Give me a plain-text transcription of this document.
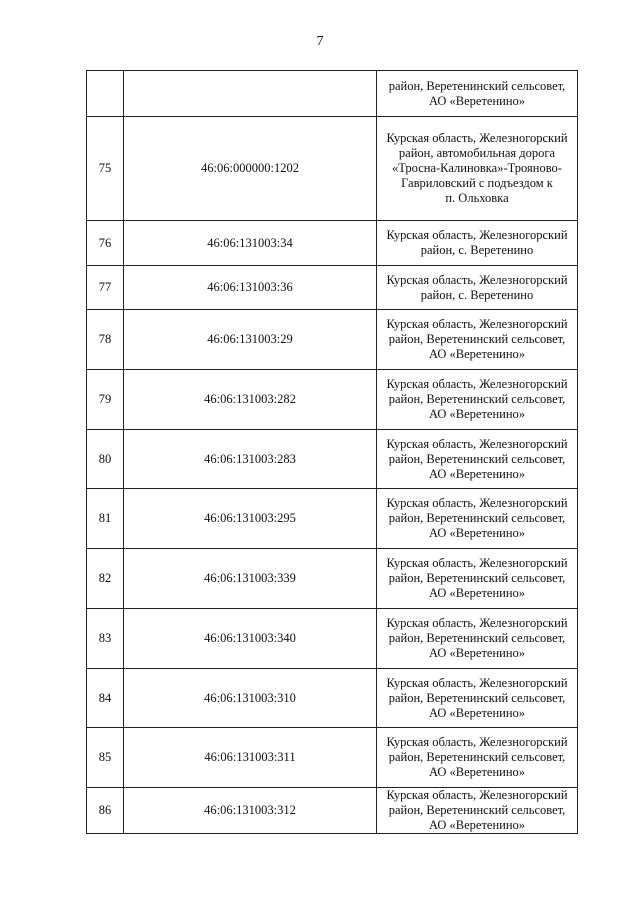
7

		район, Веретенинский сельсовет,
АО «Веретенино»

75	46:06:000000:1202	Курская область, Железногорский
район, автомобильная дорога
«Тросна-Калиновка»-Трояново-
Гавриловский с подъездом к
п. Ольховка

76	46:06:131003:34	Курская область, Железногорский
район, с. Веретенино

77	46:06:131003:36	Курская область, Железногорский
район, с. Веретенино

78	46:06:131003:29	Курская область, Железногорский
район, Веретенинский сельсовет,
АО «Веретенино»

79	46:06:131003:282	Курская область, Железногорский
район, Веретенинский сельсовет,
АО «Веретенино»

80	46:06:131003:283	Курская область, Железногорский
район, Веретенинский сельсовет,
АО «Веретенино»

81	46:06:131003:295	Курская область, Железногорский
район, Веретенинский сельсовет,
АО «Веретенино»

82	46:06:131003:339	Курская область, Железногорский
район, Веретенинский сельсовет,
АО «Веретенино»

83	46:06:131003:340	Курская область, Железногорский
район, Веретенинский сельсовет,
АО «Веретенино»

84	46:06:131003:310	Курская область, Железногорский
район, Веретенинский сельсовет,
АО «Веретенино»

85	46:06:131003:311	Курская область, Железногорский
район, Веретенинский сельсовет,
АО «Веретенино»

86	46:06:131003:312	Курская область, Железногорский
район, Веретенинский сельсовет,
АО «Веретенино»
